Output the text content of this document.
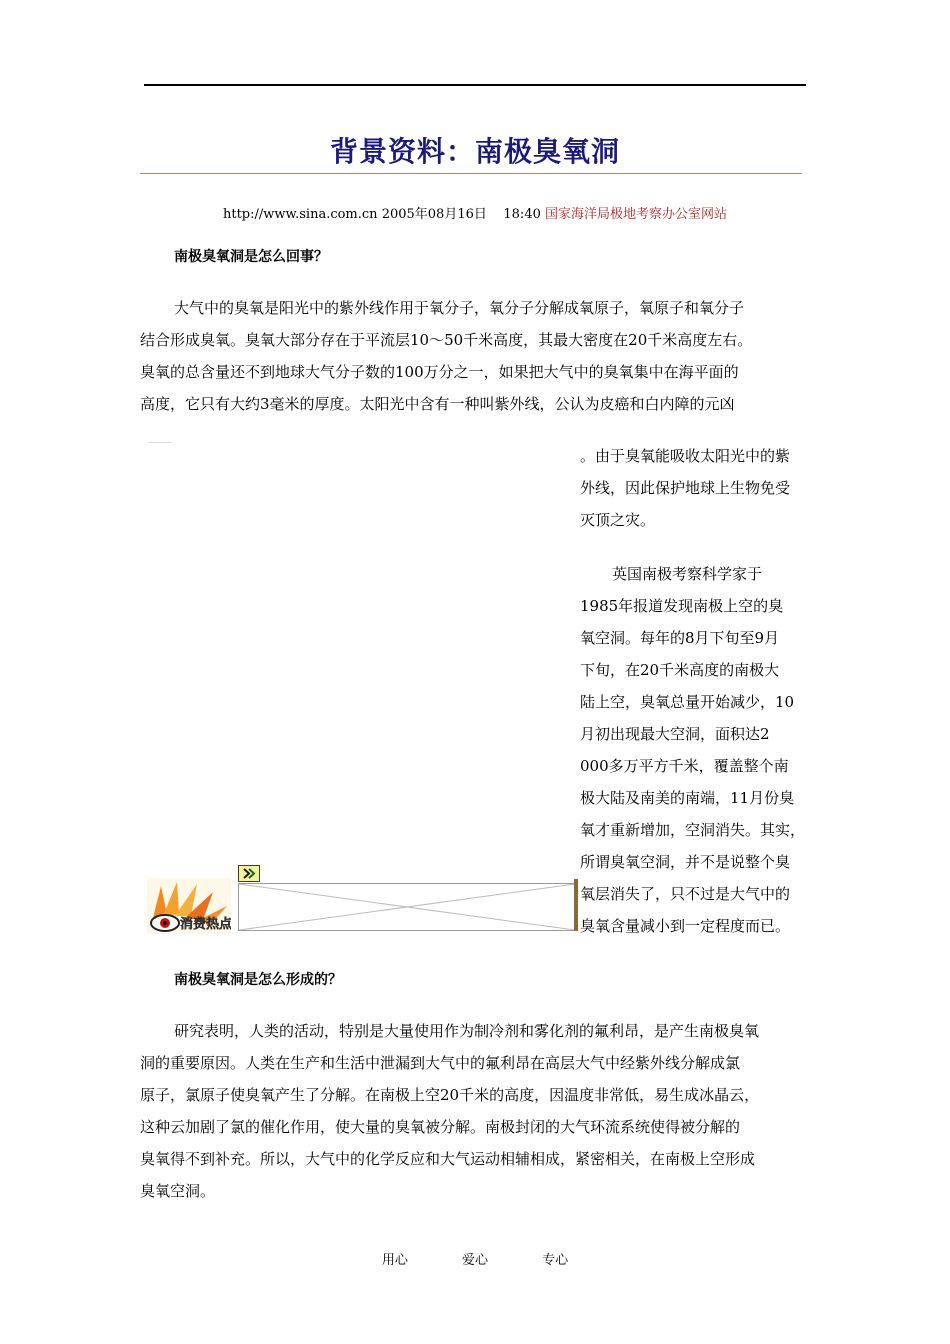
背景资料：南极臭氧洞
http://www.sina.com.cn 2005年08月16日 18:40 国家海洋局极地考察办公室网站
南极臭氧洞是怎么回事？
大气中的臭氧是阳光中的紫外线作用于氧分子，氧分子分解成氧原子，氧原子和氧分子
结合形成臭氧。臭氧大部分存在于平流层10～50千米高度，其最大密度在20千米高度左右。
臭氧的总含量还不到地球大气分子数的100万分之一，如果把大气中的臭氧集中在海平面的
高度，它只有大约3毫米的厚度。太阳光中含有一种叫紫外线，公认为皮癌和白内障的元凶
。由于臭氧能吸收太阳光中的紫
外线，因此保护地球上生物免受
灭顶之灾。
英国南极考察科学家于
1985年报道发现南极上空的臭
氧空洞。每年的8月下旬至9月
下旬，在20千米高度的南极大
陆上空，臭氧总量开始减少，10
月初出现最大空洞，面积达2
000多万平方千米，覆盖整个南
极大陆及南美的南端，11月份臭
氧才重新增加，空洞消失。其实，
所谓臭氧空洞，并不是说整个臭
氧层消失了，只不过是大气中的
臭氧含量减小到一定程度而已。
消费热点
南极臭氧洞是怎么形成的？
研究表明，人类的活动，特别是大量使用作为制冷剂和雾化剂的氟利昂，是产生南极臭氧
洞的重要原因。人类在生产和生活中泄漏到大气中的氟利昂在高层大气中经紫外线分解成氯
原子，氯原子使臭氧产生了分解。在南极上空20千米的高度，因温度非常低，易生成冰晶云，
这种云加剧了氯的催化作用，使大量的臭氧被分解。南极封闭的大气环流系统使得被分解的
臭氧得不到补充。所以，大气中的化学反应和大气运动相辅相成，紧密相关，在南极上空形成
臭氧空洞。
用心	爱心	专心
